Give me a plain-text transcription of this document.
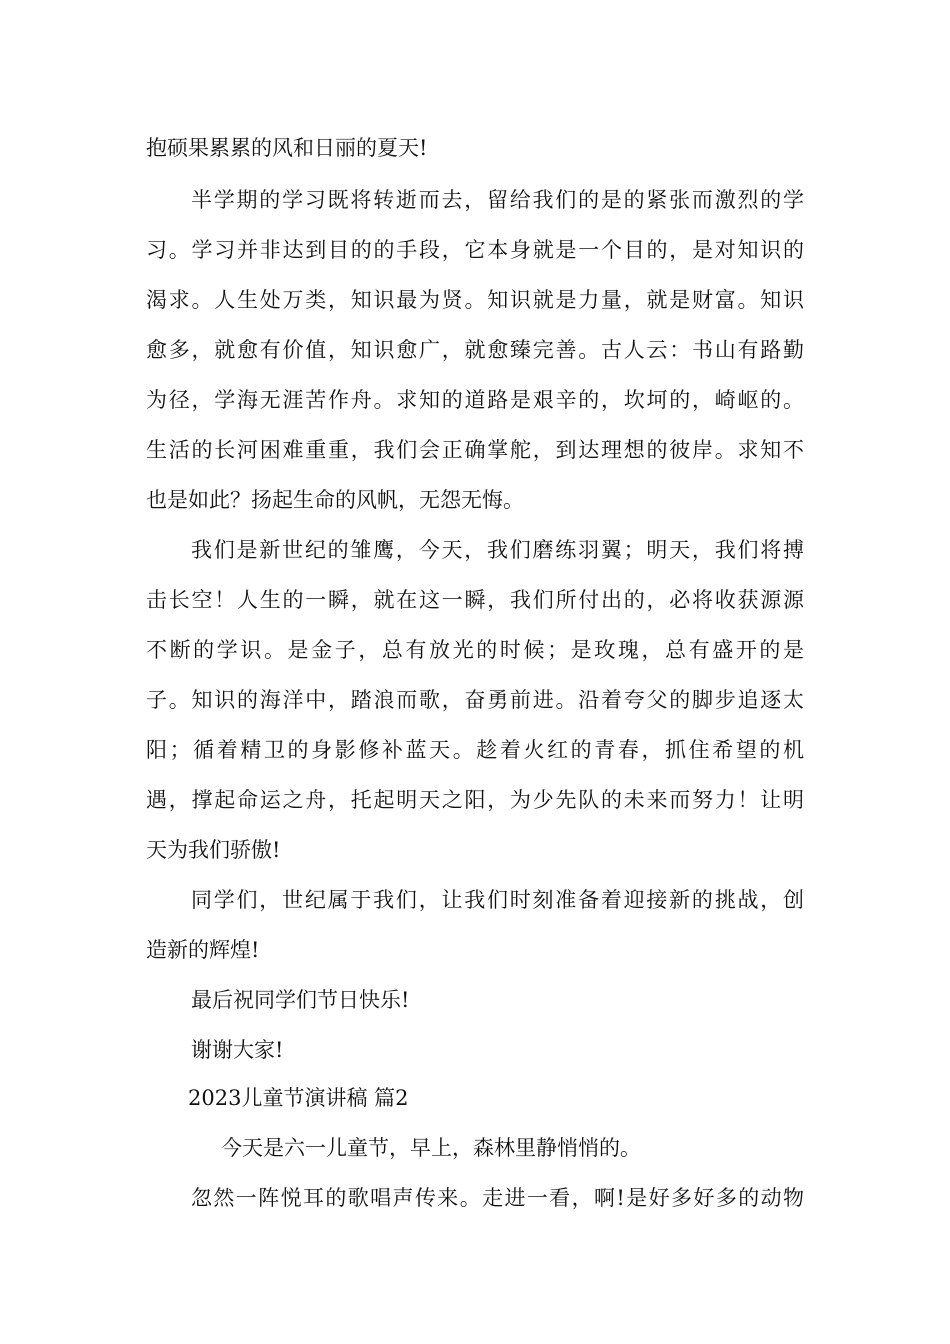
抱硕果累累的风和日丽的夏天!
半学期的学习既将转逝而去，留给我们的是的紧张而激烈的学
习。学习并非达到目的的手段，它本身就是一个目的，是对知识的
渴求。人生处万类，知识最为贤。知识就是力量，就是财富。知识
愈多，就愈有价值，知识愈广，就愈臻完善。古人云：书山有路勤
为径，学海无涯苦作舟。求知的道路是艰辛的，坎坷的，崎岖的。
生活的长河困难重重，我们会正确掌舵，到达理想的彼岸。求知不
也是如此？扬起生命的风帆，无怨无悔。
我们是新世纪的雏鹰，今天，我们磨练羽翼；明天，我们将搏
击长空！人生的一瞬，就在这一瞬，我们所付出的，必将收获源源
不断的学识。是金子，总有放光的时候；是玫瑰，总有盛开的是
子。知识的海洋中，踏浪而歌，奋勇前进。沿着夸父的脚步追逐太
阳；循着精卫的身影修补蓝天。趁着火红的青春，抓住希望的机
遇，撑起命运之舟，托起明天之阳，为少先队的未来而努力！让明
天为我们骄傲!
同学们，世纪属于我们，让我们时刻准备着迎接新的挑战，创
造新的辉煌!
最后祝同学们节日快乐!
谢谢大家!
2023儿童节演讲稿 篇2
今天是六一儿童节，早上，森林里静悄悄的。
忽然一阵悦耳的歌唱声传来。走进一看，啊!是好多好多的动物
